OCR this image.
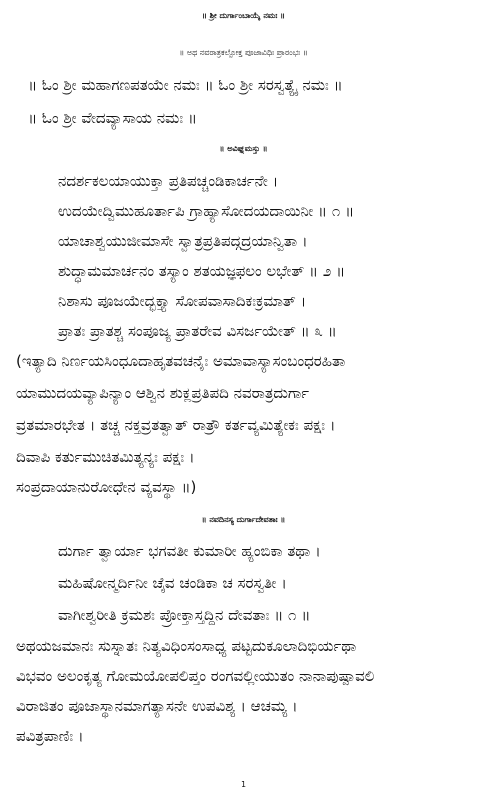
॥ ಶ್ರೀ ದುರ್ಗಾಂಬಾಯೈ ನಮಃ ॥
॥ ಅಥ ನವರಾತ್ರಕಲ್ಪೋಕ್ತ ಪೂಜಾವಿಧಿಃ ಪ್ರಾರಂಭಃ ॥
॥ ಓಂ ಶ್ರೀ ಮಹಾಗಣಪತಯೇ ನಮಃ ॥ ಓಂ ಶ್ರೀ ಸರಸ್ವತ್ಯೈ ನಮಃ ॥
॥ ಓಂ ಶ್ರೀ ವೇದವ್ಯಾಸಾಯ ನಮಃ ॥
॥ ಅವಿಘ್ನಮಸ್ತು ॥
ನದರ್ಶಕಲಯಾಯುಕ್ತಾ ಪ್ರತಿಪಚ್ಚಂಡಿಕಾರ್ಚನೇ ।
ಉದಯೇದ್ವಿಮುಹೂರ್ತಾಪಿ ಗ್ರಾಹ್ಯಾಸೋದಯದಾಯಿನೀ ॥ ೧ ॥
ಯಾಚಾಶ್ವಯುಜೀಮಾಸೇ ಸ್ವಾತ್ರಪ್ರತಿಪದ್ಗದ್ರಯಾನ್ವಿತಾ ।
ಶುದ್ಧಾಮಮಾರ್ಚನಂ ತಸ್ಯಾಂ ಶತಯಜ್ಞಫಲಂ ಲಭೇತ್ ॥ ೨ ॥
ನಿಶಾಸು ಪೂಜಯೇದ್ಭಕ್ತ್ಯಾ ಸೋಪವಾಸಾದಿಕಃಕ್ರಮಾತ್ ।
ಪ್ರಾತಃ ಪ್ರಾತಶ್ಚ ಸಂಪೂಜ್ಯ ಪ್ರಾತರೇವ ವಿಸರ್ಜಯೇತ್ ॥ ೩ ॥
(ಇತ್ಯಾದಿ ನಿರ್ಣಯಸಿಂಧೂದಾಹೃತವಚನೈಃ ಅಮಾವಾಸ್ಯಾಸಂಬಂಧರಹಿತಾ
ಯಾಮುದಯವ್ಯಾಪಿನ್ಯಾಂ ಆಶ್ವಿನ ಶುಕ್ಲಪ್ರತಿಪದಿ ನವರಾತ್ರದುರ್ಗಾ
ವ್ರತಮಾರಭೇತ । ತಚ್ಚ ನಕ್ತವ್ರತತ್ವಾತ್ ರಾತ್ರೌ ಕರ್ತವ್ಯಮಿತ್ಯೇಕಃ ಪಕ್ಷಃ ।
ದಿವಾಪಿ ಕರ್ತುಮುಚಿತಮಿತ್ಯನ್ಯಃ ಪಕ್ಷಃ ।
ಸಂಪ್ರದಾಯಾನುರೋಧೇನ ವ್ಯವಸ್ಥಾ ॥)
॥ ನವದಿನಸ್ಯ ದುರ್ಗಾದೇವತಾಃ ॥
ದುರ್ಗಾ ತ್ವಾರ್ಯಾ ಭಗವತೀ ಕುಮಾರೀ ಹ್ಯಂಬಿಕಾ ತಥಾ ।
ಮಹಿಷೋನ್ಮರ್ದಿನೀ ಚೈವ ಚಂಡಿಕಾ ಚ ಸರಸ್ವತೀ ।
ವಾಗೀಶ್ವರೀತಿ ಕ್ರಮಶಃ ಪ್ರೋಕ್ತಾಸ್ತದ್ದಿನ ದೇವತಾಃ ॥ ೧ ॥
ಅಥಯಜಮಾನಃ ಸುಸ್ನಾತಃ ನಿತ್ಯವಿಧಿಂಸಂಸಾಧ್ಯ ಪಟ್ಟದುಕೂಲಾದಿಭಿರ್ಯಥಾ
ವಿಭವಂ ಅಲಂಕೃತ್ಯ ಗೋಮಯೋಪಲಿಪ್ತಂ ರಂಗವಲ್ಲೀಯುತಂ ನಾನಾಪುಷ್ಪಾವಲಿ
ವಿರಾಜಿತಂ ಪೂಜಾಸ್ಥಾನಮಾಗತ್ಯಾಸನೇ ಉಪವಿಶ್ಯ । ಆಚಮ್ಯ ।
ಪವಿತ್ರಪಾಣಿಃ ।
1
